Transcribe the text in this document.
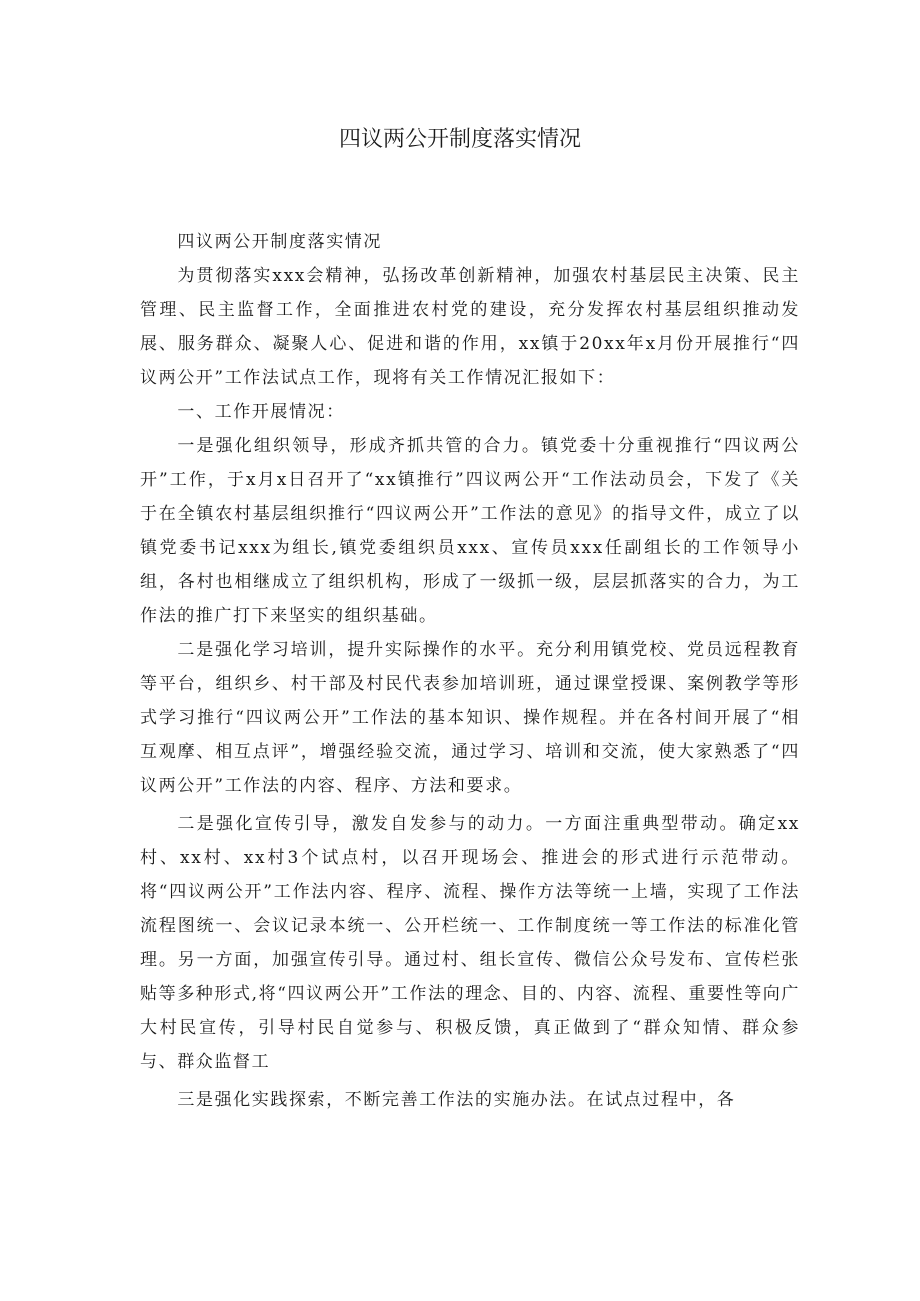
四议两公开制度落实情况

四议两公开制度落实情况

为贯彻落实xxx会精神，弘扬改革创新精神，加强农村基层民主决策、民主管理、民主监督工作，全面推进农村党的建设，充分发挥农村基层组织推动发展、服务群众、凝聚人心、促进和谐的作用，xx镇于20xx年x月份开展推行“四议两公开”工作法试点工作，现将有关工作情况汇报如下：

一、工作开展情况：

一是强化组织领导，形成齐抓共管的合力。镇党委十分重视推行“四议两公开”工作，于x月x日召开了“xx镇推行”四议两公开“工作法动员会，下发了《关于在全镇农村基层组织推行“四议两公开”工作法的意见》的指导文件，成立了以镇党委书记xxx为组长,镇党委组织员xxx、宣传员xxx任副组长的工作领导小组，各村也相继成立了组织机构，形成了一级抓一级，层层抓落实的合力，为工作法的推广打下来坚实的组织基础。

二是强化学习培训，提升实际操作的水平。充分利用镇党校、党员远程教育等平台，组织乡、村干部及村民代表参加培训班，通过课堂授课、案例教学等形式学习推行“四议两公开”工作法的基本知识、操作规程。并在各村间开展了“相互观摩、相互点评”，增强经验交流，通过学习、培训和交流，使大家熟悉了“四议两公开”工作法的内容、程序、方法和要求。

二是强化宣传引导，激发自发参与的动力。一方面注重典型带动。确定xx村、xx村、xx村3个试点村，以召开现场会、推进会的形式进行示范带动。将“四议两公开”工作法内容、程序、流程、操作方法等统一上墙，实现了工作法流程图统一、会议记录本统一、公开栏统一、工作制度统一等工作法的标准化管理。另一方面，加强宣传引导。通过村、组长宣传、微信公众号发布、宣传栏张贴等多种形式,将“四议两公开”工作法的理念、目的、内容、流程、重要性等向广大村民宣传，引导村民自觉参与、积极反馈，真正做到了“群众知情、群众参与、群众监督工

三是强化实践探索，不断完善工作法的实施办法。在试点过程中，各
